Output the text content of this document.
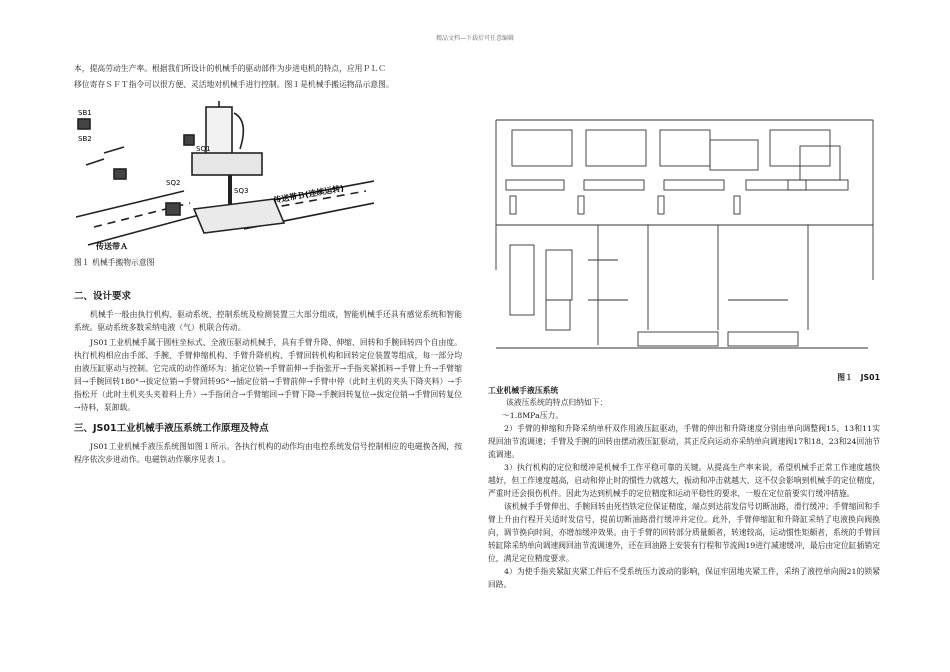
精品文档---下载后可任意编辑

本，提高劳动生产率。根据我们所设计的机械手的驱动部件为步进电机的特点，应用ＰＬＣ

移位寄存ＳＦＴ指令可以很方便、灵活地对机械手进行控制。图１是机械手搬运物品示意图。

SB1
SB2
SQ1
SQ2
SQ3	传送带Ｂ(连续运转)
传送带Ａ

图１ 机械手搬物示意图

二、设计要求

机械手一般由执行机构、驱动系统、控制系统及检测装置三大部分组成，智能机械手还具有感觉系统和智能系统。驱动系统多数采纳电液（气）机联合传动。

JS01工业机械手属于圆柱坐标式、全液压驱动机械手，具有手臂升降、伸缩、回转和手腕回转四个自由度。执行机构相应由手部、手腕、手臂伸缩机构、手臂升降机构、手臂回转机构和回转定位装置等组成，每一部分均由液压缸驱动与控制。它完成的动作循环为：插定位销→手臂前伸→手指张开→手指夹紧抓料→手臂上升→手臂缩回→手腕回转180°→拔定位销→手臂回转95°→插定位销→手臂前伸→手臂中停（此时主机的夹头下降夹料）→手指松开（此时主机夹头夹着料上升）→手指闭合→手臂缩回→手臂下降→手腕回转复位→拔定位销→手臂回转复位→待料，泵卸载。

三、JS01工业机械手液压系统工作原理及特点

JS01工业机械手液压系统图如图１所示。各执行机构的动作均由电控系统发信号控制相应的电磁换各阀，按程序依次步进动作。电磁铁动作顺序见表１。

图１　JS01

工业机械手液压系统

该液压系统的特点归纳如下：

～1.8MPa压力。

2）手臂的伸缩和升降采纳单杆双作用液压缸驱动，手臂的伸出和升降速度分别由单向调整阀15、13和11实现回油节流调速；手臂及手腕的回转由摆动液压缸驱动，其正反向运动亦采纳单向调速阀17和18、23和24回油节流调速。

3）执行机构的定位和缓冲是机械手工作平稳可靠的关键。从提高生产率来说，希望机械手正常工作速度越快越好，但工作速度越高，启动和停止时的惯性力就越大，振动和冲击就越大，这不仅会影响到机械手的定位精度，严重时还会损伤机件。因此为达到机械手的定位精度和运动平稳性的要求，一般在定位前要实行缓冲措施。

该机械手手臂伸出、手腕回转由死挡铁定位保证精度，端点到达前发信号切断油路，滑行缓冲；手臂缩回和手臂上升由行程开关适时发信号，提前切断油路滑行缓冲并定位。此外，手臂伸缩缸和升降缸采纳了电液换向阀换向，调节换向时间，亦增加缓冲效果。由于手臂的回转部分质量颇者，转速较高，运动惯性矩颇者，系统的手臂回转缸除采纳单向调速阀回油节流调速外，还在回油路上安装有行程和节流阀19进行减速缓冲，最后由定位缸插销定位，满足定位精度要求。

4）为使手指夹紧缸夹紧工件后不受系统压力波动的影响，保证牢固地夹紧工件，采纳了液控单向阀21的锁紧回路。
